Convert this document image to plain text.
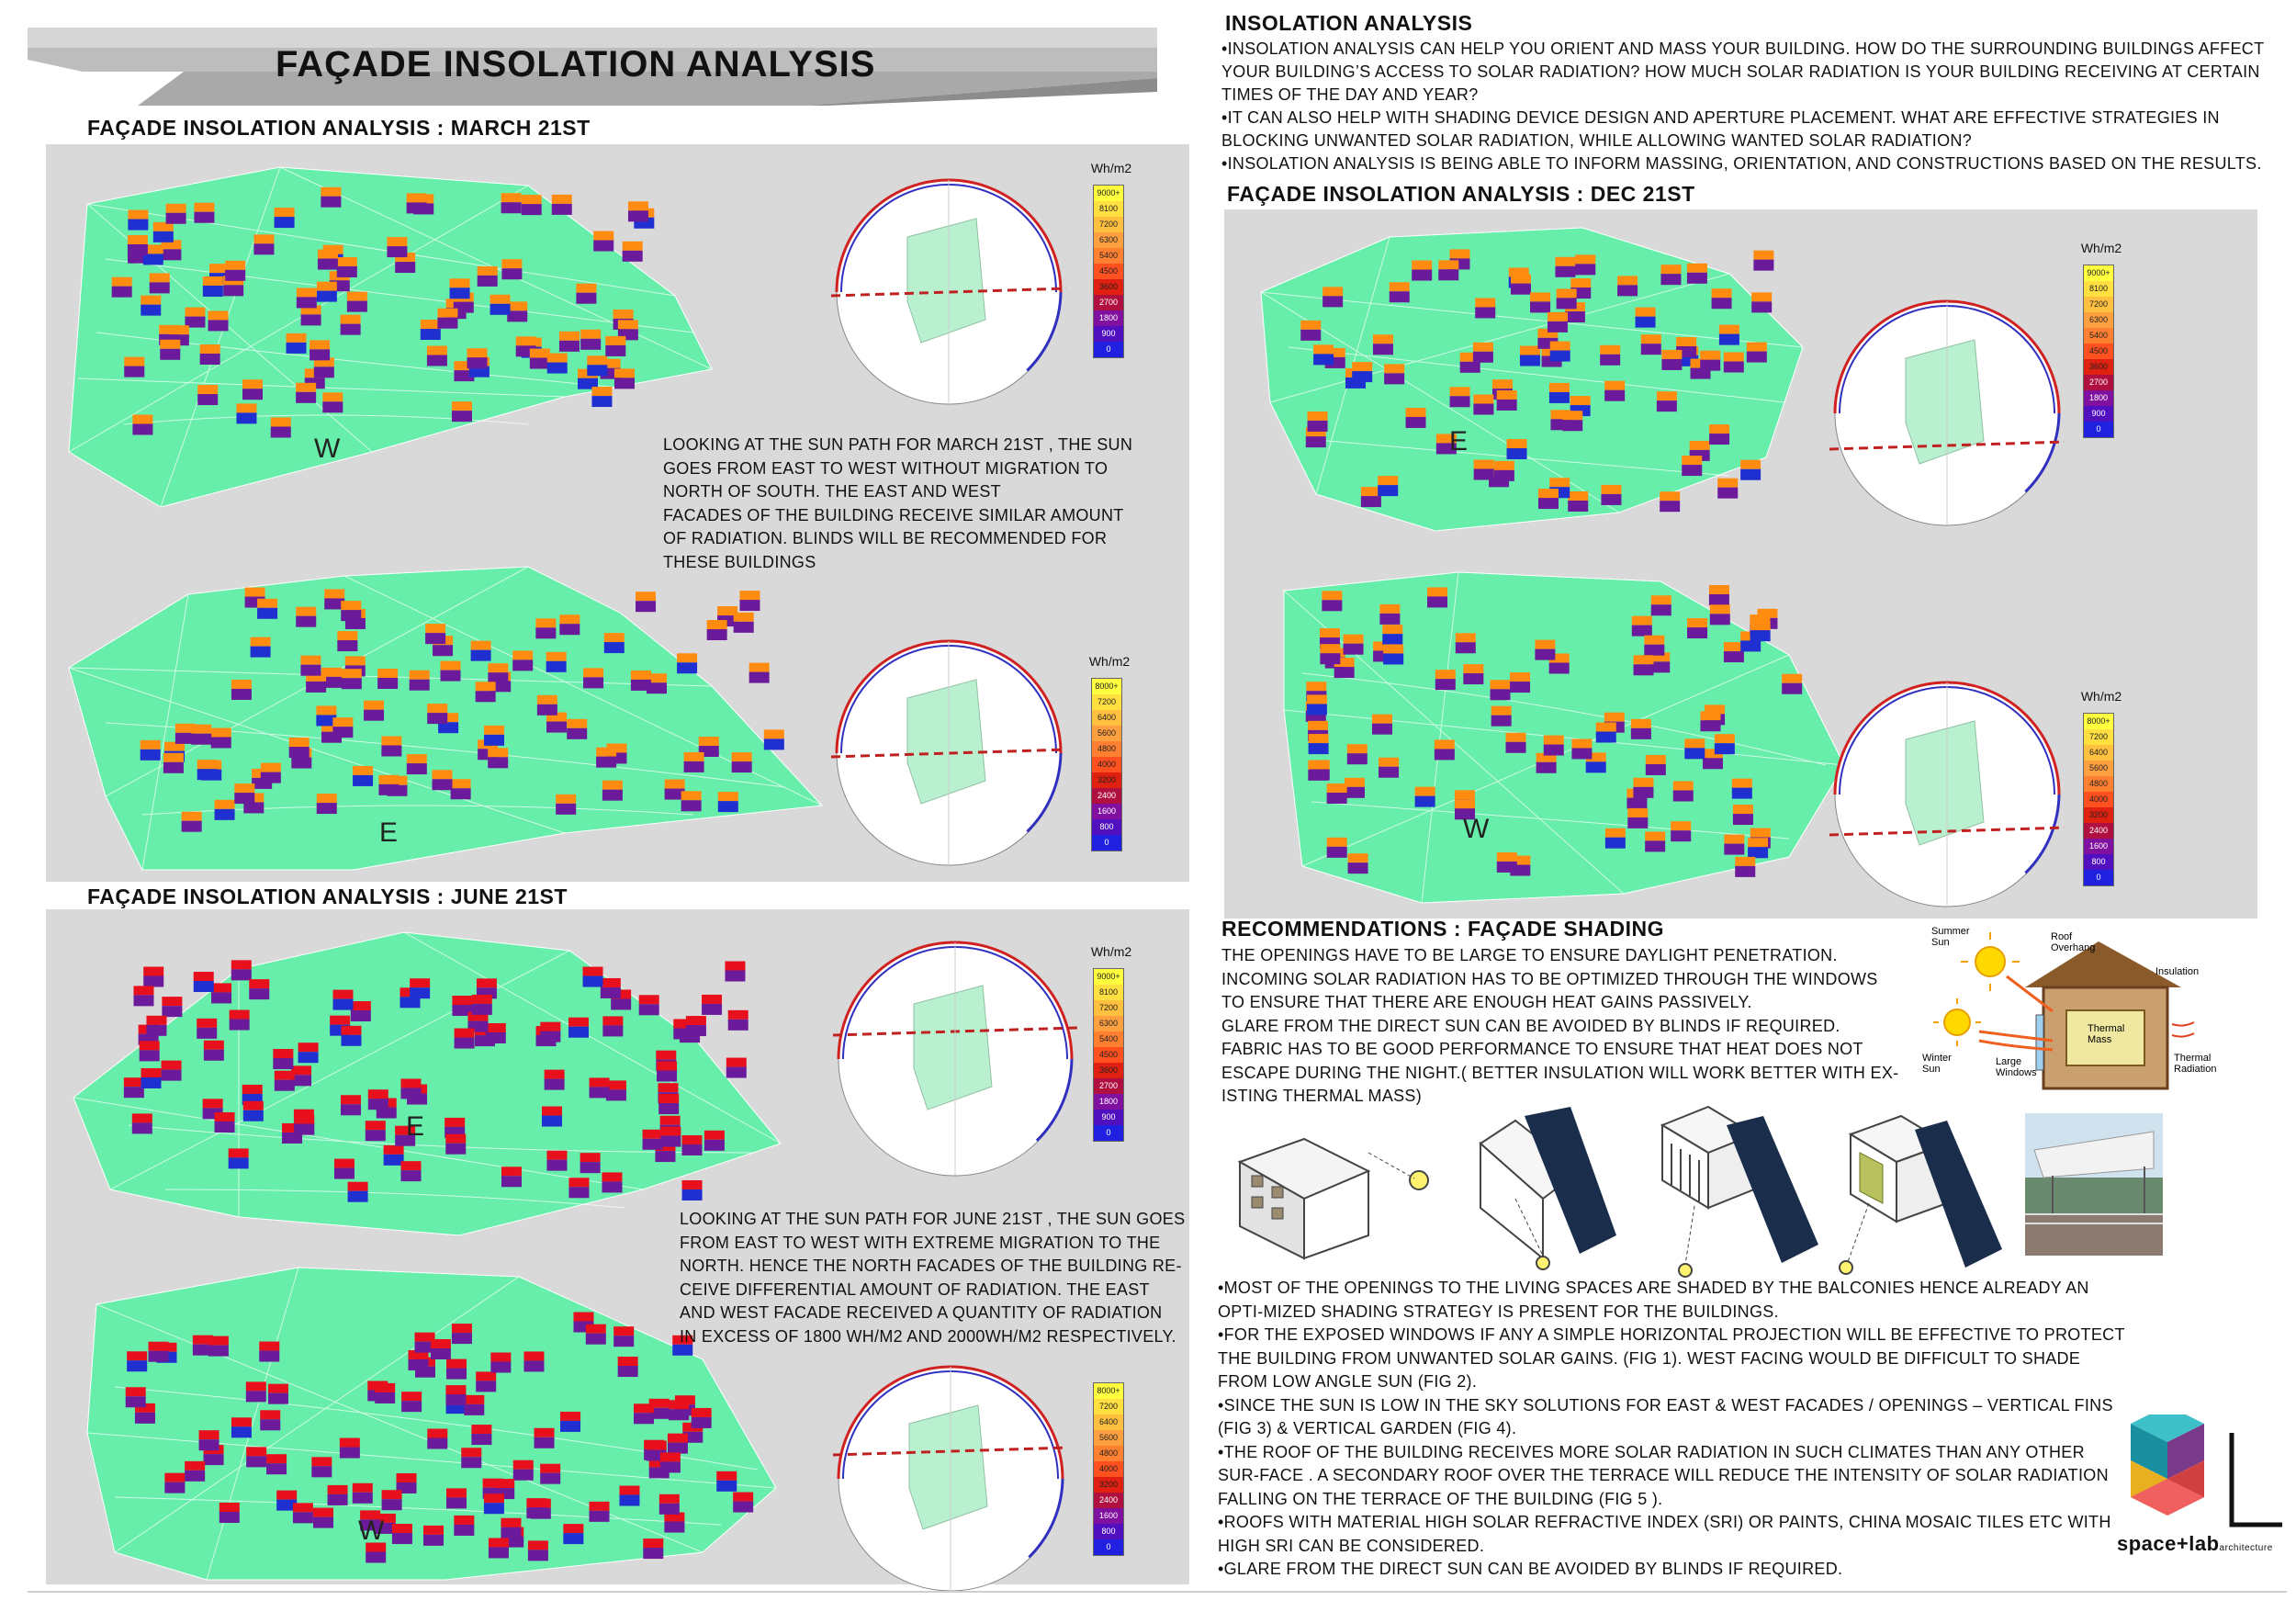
FAÇADE INSOLATION ANALYSIS
INSOLATION ANALYSIS

•INSOLATION ANALYSIS CAN HELP YOU ORIENT AND MASS YOUR BUILDING. HOW DO THE SURROUNDING BUILDINGS AFFECT YOUR BUILDING’S ACCESS TO SOLAR RADIATION? HOW MUCH SOLAR RADIATION IS YOUR BUILDING RECEIVING AT CERTAIN TIMES OF THE DAY AND YEAR?

•IT CAN ALSO HELP WITH SHADING DEVICE DESIGN AND APERTURE PLACEMENT. WHAT ARE EFFECTIVE STRATEGIES IN BLOCKING UNWANTED SOLAR RADIATION, WHILE ALLOWING WANTED SOLAR RADIATION?

•INSOLATION ANALYSIS IS BEING ABLE TO INFORM MASSING, ORIENTATION, AND CONSTRUCTIONS BASED ON THE RESULTS.

FAÇADE INSOLATION ANALYSIS : MARCH 21ST
W
E
LOOKING AT THE SUN PATH FOR MARCH 21ST , THE SUN
GOES FROM EAST TO WEST WITHOUT MIGRATION TO
NORTH OF SOUTH. THE EAST AND WEST
FACADES OF THE BUILDING RECEIVE SIMILAR AMOUNT
OF RADIATION. BLINDS WILL BE RECOMMENDED FOR
THESE BUILDINGS
FAÇADE INSOLATION ANALYSIS : JUNE 21ST
E
W
LOOKING AT THE SUN PATH FOR JUNE 21ST , THE SUN GOES
FROM EAST TO WEST WITH EXTREME MIGRATION TO THE
NORTH. HENCE THE NORTH FACADES OF THE BUILDING RE-
CEIVE DIFFERENTIAL AMOUNT OF RADIATION. THE EAST
AND WEST FACADE RECEIVED A QUANTITY OF RADIATION
IN EXCESS OF 1800 WH/M2 AND 2000WH/M2 RESPECTIVELY.
FAÇADE INSOLATION ANALYSIS : DEC 21ST
E
W
Wh/m2
9000+
8100
7200
6300
5400
4500
3600
2700
1800
900
0
Wh/m2
8000+
7200
6400
5600
4800
4000
3200
2400
1600
800
0
Wh/m2
9000+
8100
7200
6300
5400
4500
3600
2700
1800
900
0
8000+
7200
6400
5600
4800
4000
3200
2400
1600
800
0
Wh/m2
9000+
8100
7200
6300
5400
4500
3600
2700
1800
900
0
Wh/m2
8000+
7200
6400
5600
4800
4000
3200
2400
1600
800
0
RECOMMENDATIONS : FAÇADE SHADING
THE OPENINGS HAVE TO BE LARGE TO ENSURE DAYLIGHT PENETRATION.
INCOMING SOLAR RADIATION HAS TO BE OPTIMIZED THROUGH THE WINDOWS
TO ENSURE THAT THERE ARE ENOUGH HEAT GAINS PASSIVELY.
GLARE FROM THE DIRECT SUN CAN BE AVOIDED BY BLINDS IF REQUIRED.
FABRIC HAS TO BE GOOD PERFORMANCE TO ENSURE THAT HEAT DOES NOT
ESCAPE DURING THE NIGHT.( BETTER INSULATION WILL WORK BETTER WITH EX-
ISTING THERMAL MASS)
Summer Sun
Winter Sun
Roof Overhang
Insulation
Thermal Mass
Large Windows
Thermal Radiation

•MOST OF THE OPENINGS TO THE LIVING SPACES ARE SHADED BY THE BALCONIES HENCE ALREADY AN OPTI-MIZED SHADING STRATEGY IS PRESENT FOR THE BUILDINGS.

•FOR THE EXPOSED WINDOWS IF ANY A SIMPLE HORIZONTAL PROJECTION WILL BE EFFECTIVE TO PROTECT THE BUILDING FROM UNWANTED SOLAR GAINS. (FIG 1). WEST FACING WOULD BE DIFFICULT TO SHADE FROM LOW ANGLE SUN (FIG 2).

•SINCE THE SUN IS LOW IN THE SKY SOLUTIONS FOR EAST & WEST FACADES / OPENINGS – VERTICAL FINS (FIG 3) & VERTICAL GARDEN (FIG 4).

•THE ROOF OF THE BUILDING RECEIVES MORE SOLAR RADIATION IN SUCH CLIMATES THAN ANY OTHER SUR-FACE . A SECONDARY ROOF OVER THE TERRACE WILL REDUCE THE INTENSITY OF SOLAR RADIATION FALLING ON THE TERRACE OF THE BUILDING (FIG 5 ).

•ROOFS WITH MATERIAL HIGH SOLAR REFRACTIVE INDEX (SRI) OR PAINTS, CHINA MOSAIC TILES ETC WITH HIGH SRI CAN BE CONSIDERED.

•GLARE FROM THE DIRECT SUN CAN BE AVOIDED BY BLINDS IF REQUIRED.

space+labarchitecture
